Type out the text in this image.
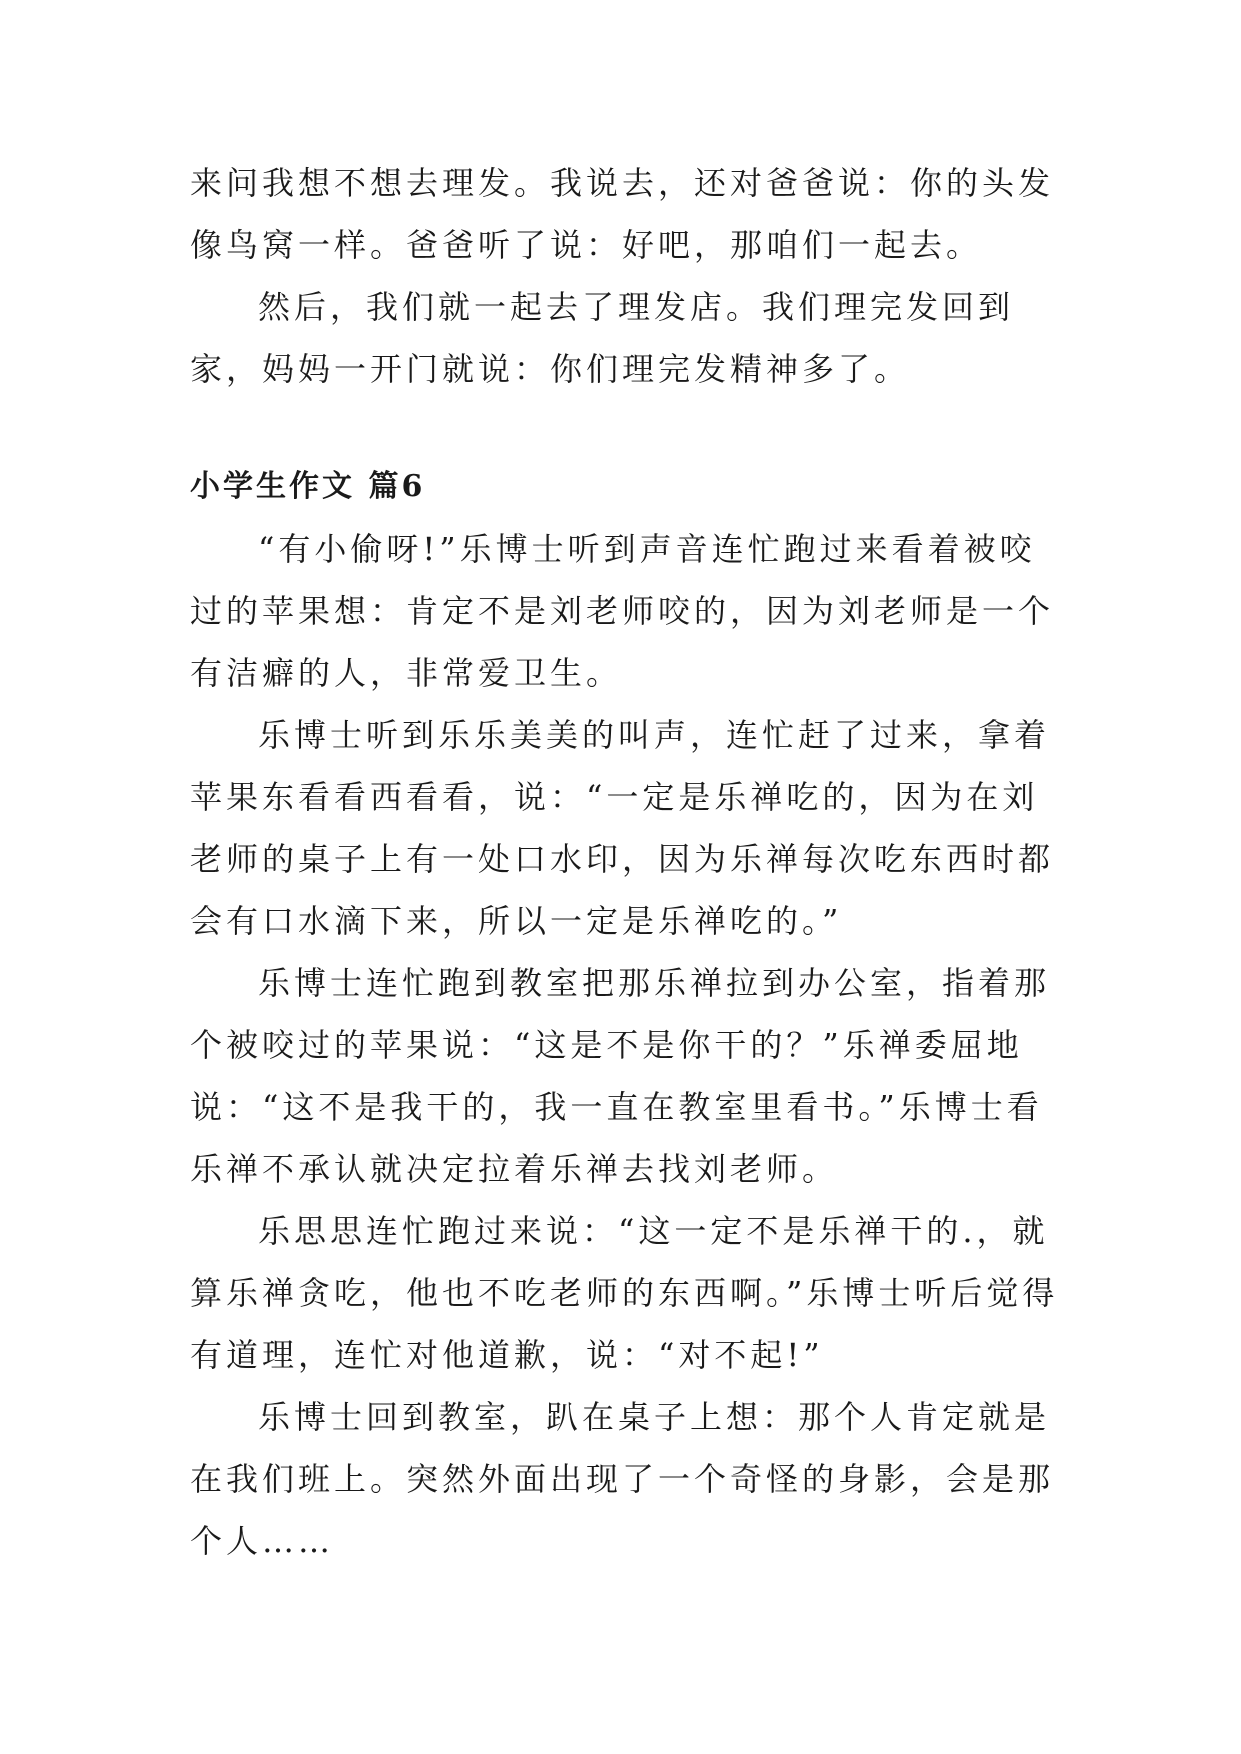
来问我想不想去理发。我说去，还对爸爸说：你的头发像鸟窝一样。爸爸听了说：好吧，那咱们一起去。

然后，我们就一起去了理发店。我们理完发回到家，妈妈一开门就说：你们理完发精神多了。

小学生作文 篇6

“有小偷呀!”乐博士听到声音连忙跑过来看着被咬过的苹果想：肯定不是刘老师咬的，因为刘老师是一个有洁癖的人，非常爱卫生。

乐博士听到乐乐美美的叫声，连忙赶了过来，拿着苹果东看看西看看，说：“一定是乐禅吃的，因为在刘老师的桌子上有一处口水印，因为乐禅每次吃东西时都会有口水滴下来，所以一定是乐禅吃的。”

乐博士连忙跑到教室把那乐禅拉到办公室，指着那个被咬过的苹果说：“这是不是你干的？”乐禅委屈地说：“这不是我干的，我一直在教室里看书。”乐博士看乐禅不承认就决定拉着乐禅去找刘老师。

乐思思连忙跑过来说：“这一定不是乐禅干的.，就算乐禅贪吃，他也不吃老师的东西啊。”乐博士听后觉得有道理，连忙对他道歉，说：“对不起!”

乐博士回到教室，趴在桌子上想：那个人肯定就是在我们班上。突然外面出现了一个奇怪的身影，会是那个人……
